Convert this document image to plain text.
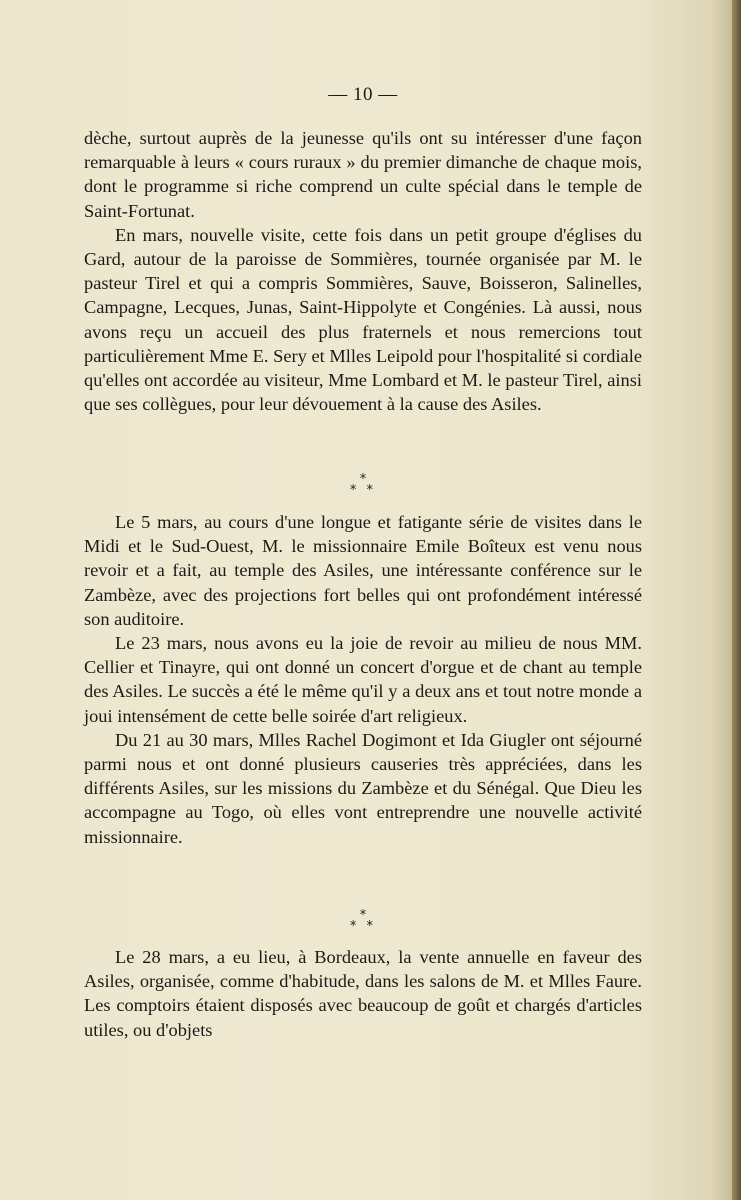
— 10 —

dèche, surtout auprès de la jeunesse qu'ils ont su intéresser d'une façon remarquable à leurs « cours ruraux » du premier dimanche de chaque mois, dont le programme si riche comprend un culte spécial dans le temple de Saint-Fortunat.

En mars, nouvelle visite, cette fois dans un petit groupe d'églises du Gard, autour de la paroisse de Sommières, tournée organisée par M. le pasteur Tirel et qui a compris Sommières, Sauve, Boisseron, Salinelles, Campagne, Lecques, Junas, Saint-Hippolyte et Congénies. Là aussi, nous avons reçu un accueil des plus fraternels et nous remercions tout particulièrement Mme E. Sery et Mlles Leipold pour l'hospitalité si cordiale qu'elles ont accordée au visiteur, Mme Lombard et M. le pasteur Tirel, ainsi que ses collègues, pour leur dévouement à la cause des Asiles.

*
* *

Le 5 mars, au cours d'une longue et fatigante série de visites dans le Midi et le Sud-Ouest, M. le missionnaire Emile Boîteux est venu nous revoir et a fait, au temple des Asiles, une intéressante conférence sur le Zambèze, avec des projections fort belles qui ont profondément intéressé son auditoire.

Le 23 mars, nous avons eu la joie de revoir au milieu de nous MM. Cellier et Tinayre, qui ont donné un concert d'orgue et de chant au temple des Asiles. Le succès a été le même qu'il y a deux ans et tout notre monde a joui intensément de cette belle soirée d'art religieux.

Du 21 au 30 mars, Mlles Rachel Dogimont et Ida Giugler ont séjourné parmi nous et ont donné plusieurs causeries très appréciées, dans les différents Asiles, sur les missions du Zambèze et du Sénégal. Que Dieu les accompagne au Togo, où elles vont entreprendre une nouvelle activité missionnaire.

*
* *

Le 28 mars, a eu lieu, à Bordeaux, la vente annuelle en faveur des Asiles, organisée, comme d'habitude, dans les salons de M. et Mlles Faure. Les comptoirs étaient disposés avec beaucoup de goût et chargés d'articles utiles, ou d'objets
